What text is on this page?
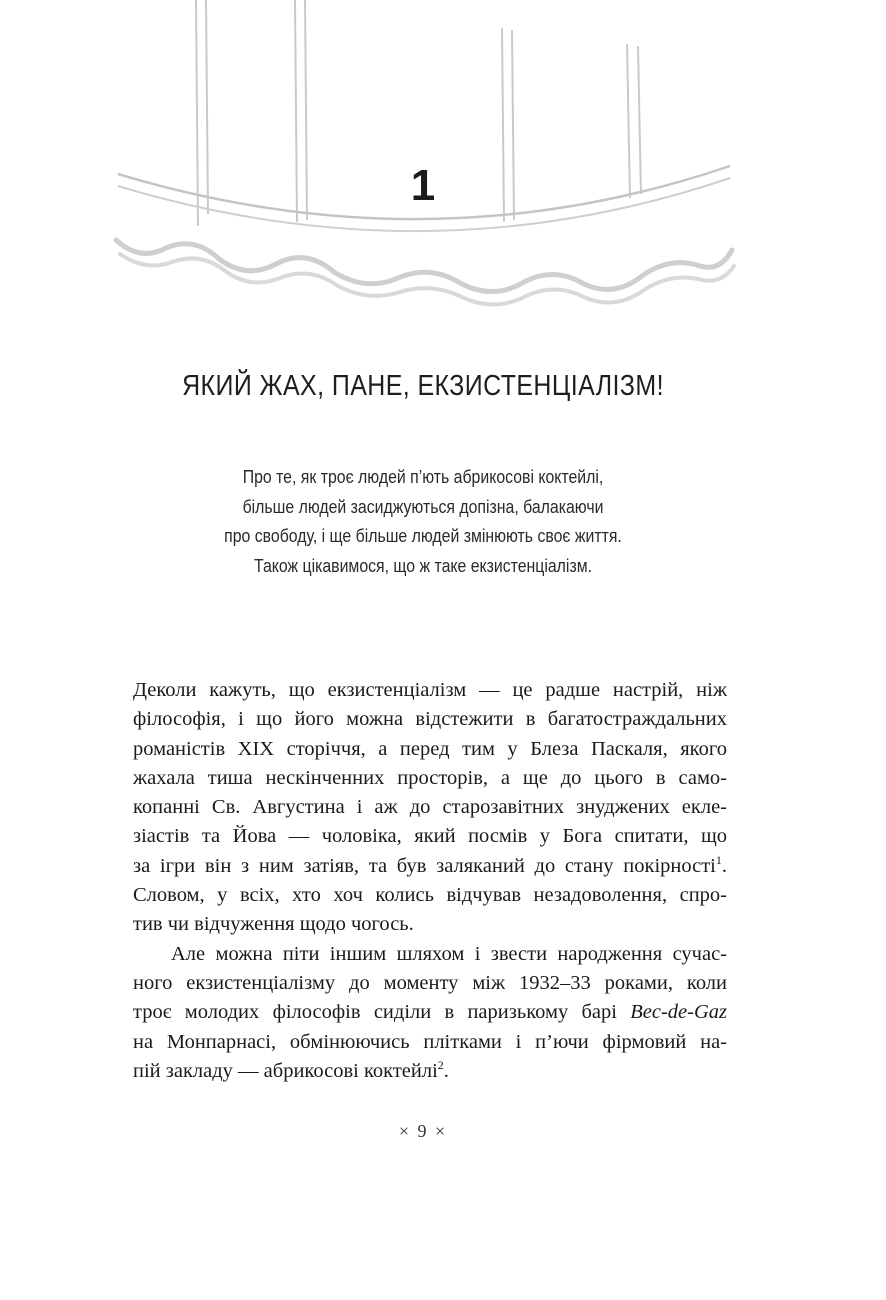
1
ЯКИЙ ЖАХ, ПАНЕ, ЕКЗИСТЕНЦІАЛІЗМ!
Про те, як троє людей п’ють абрикосові коктейлі,
більше людей засиджуються допізна, балакаючи
про свободу, і ще більше людей змінюють своє життя.
Також цікавимося, що ж таке екзистенціалізм.
Деколи кажуть, що екзистенціалізм — це радше настрій, ніж
філософія, і що його можна відстежити в багатостраждальних
романістів XIX сторіччя, а перед тим у Блеза Паскаля, якого
жахала тиша нескінченних просторів, а ще до цього в само-
копанні Св. Августина і аж до старозавітних знуджених екле-
зіастів та Йова — чоловіка, який посмів у Бога спитати, що
за ігри він з ним затіяв, та був заляканий до стану покірності$^1$.
Словом, у всіх, хто хоч колись відчував незадоволення, спро-
тив чи відчуження щодо чогось.
Але можна піти іншим шляхом і звести народження сучас-
ного екзистенціалізму до моменту між 1932–33 роками, коли
троє молодих філософів сиділи в паризькому барі Bec-de-Gaz
на Монпарнасі, обмінюючись плітками і п’ючи фірмовий на-
пій закладу — абрикосові коктейлі$^2$.
× 9 ×
